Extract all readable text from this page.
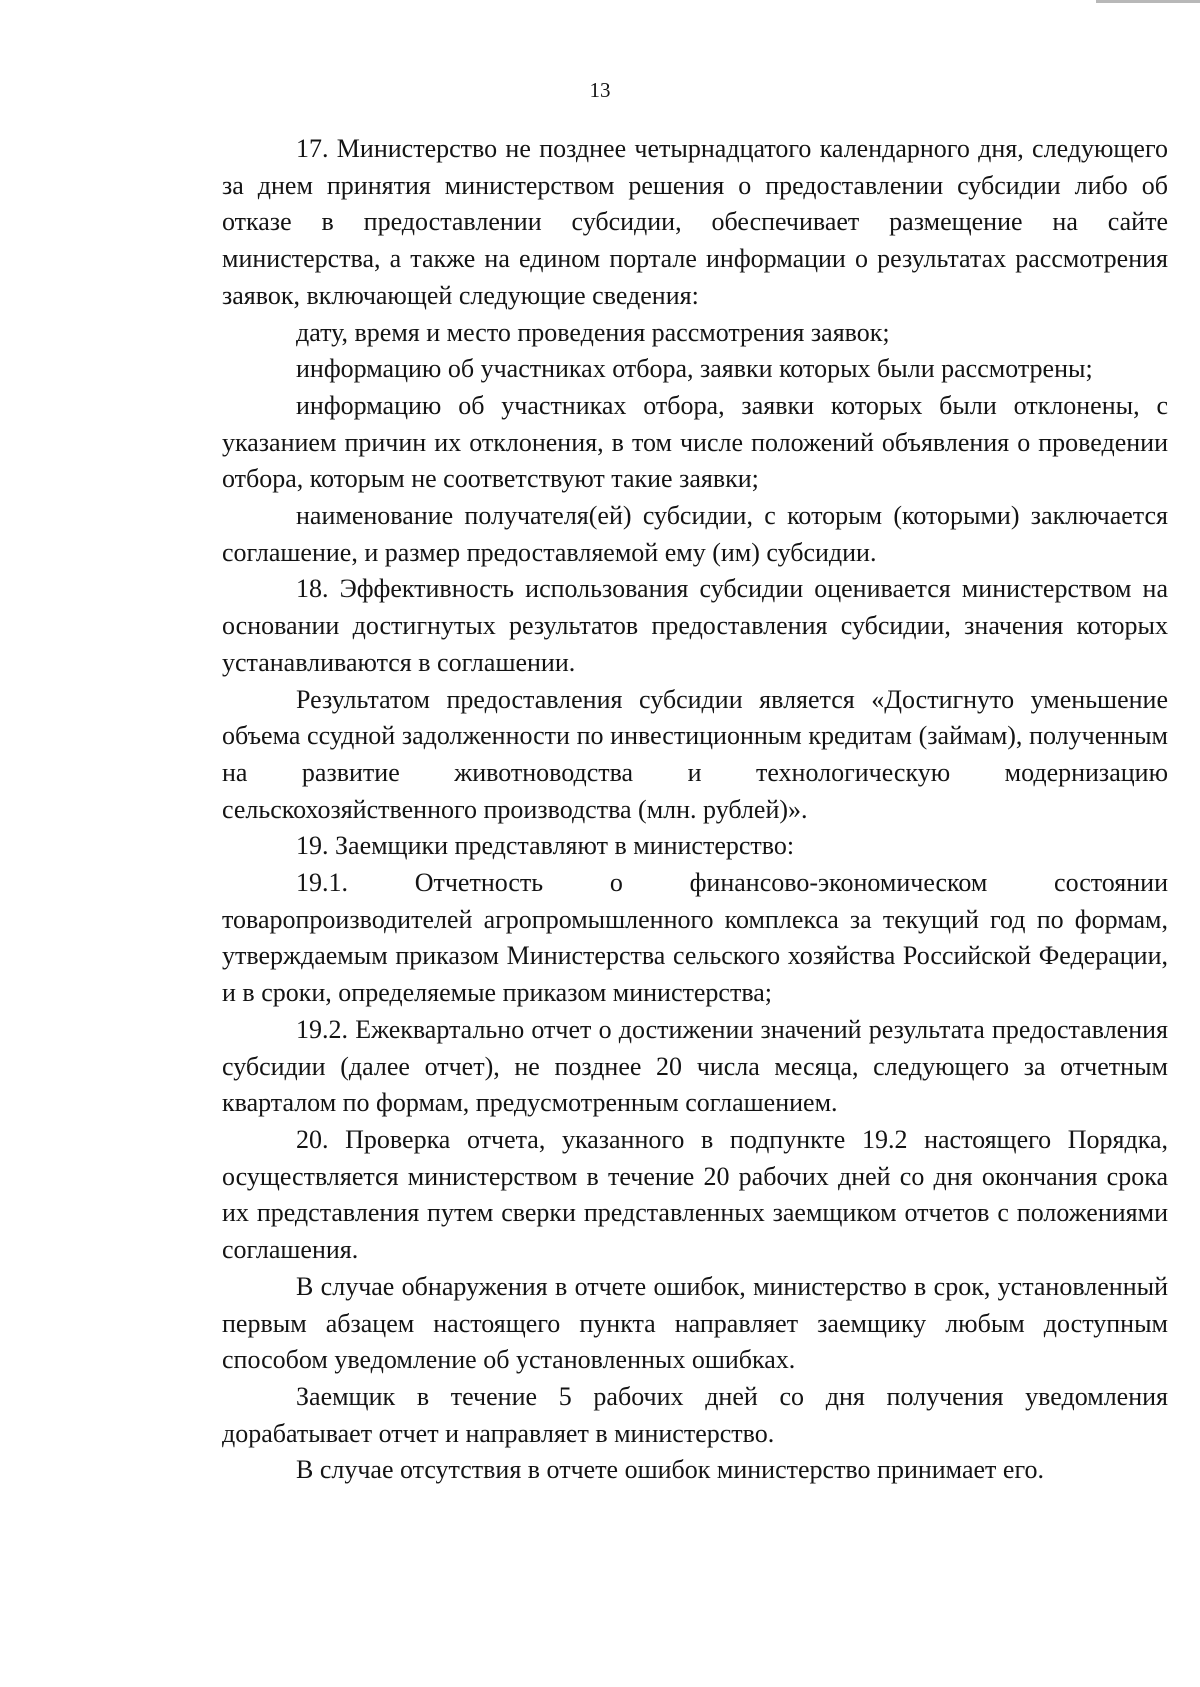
13

17. Министерство не позднее четырнадцатого календарного дня, следующего за днем принятия министерством решения о предоставлении субсидии либо об отказе в предоставлении субсидии, обеспечивает размещение на сайте министерства, а также на едином портале информации о результатах рассмотрения заявок, включающей следующие сведения:

дату, время и место проведения рассмотрения заявок;

информацию об участниках отбора, заявки которых были рассмотрены;

информацию об участниках отбора, заявки которых были отклонены, с указанием причин их отклонения, в том числе положений объявления о проведении отбора, которым не соответствуют такие заявки;

наименование получателя(ей) субсидии, с которым (которыми) заключается соглашение, и размер предоставляемой ему (им) субсидии.

18. Эффективность использования субсидии оценивается министерством на основании достигнутых результатов предоставления субсидии, значения которых устанавливаются в соглашении.

Результатом предоставления субсидии является «Достигнуто уменьшение объема ссудной задолженности по инвестиционным кредитам (займам), полученным на развитие животноводства и технологическую модернизацию сельскохозяйственного производства (млн. рублей)».

19. Заемщики представляют в министерство:

19.1. Отчетность о финансово-экономическом состоянии товаропроизводителей агропромышленного комплекса за текущий год по формам, утверждаемым приказом Министерства сельского хозяйства Российской Федерации, и в сроки, определяемые приказом министерства;

19.2. Ежеквартально отчет о достижении значений результата предоставления субсидии (далее отчет), не позднее 20 числа месяца, следующего за отчетным кварталом по формам, предусмотренным соглашением.

20. Проверка отчета, указанного в подпункте 19.2 настоящего Порядка, осуществляется министерством в течение 20 рабочих дней со дня окончания срока их представления путем сверки представленных заемщиком отчетов с положениями соглашения.

В случае обнаружения в отчете ошибок, министерство в срок, установленный первым абзацем настоящего пункта направляет заемщику любым доступным способом уведомление об установленных ошибках.

Заемщик в течение 5 рабочих дней со дня получения уведомления дорабатывает отчет и направляет в министерство.

В случае отсутствия в отчете ошибок министерство принимает его.
